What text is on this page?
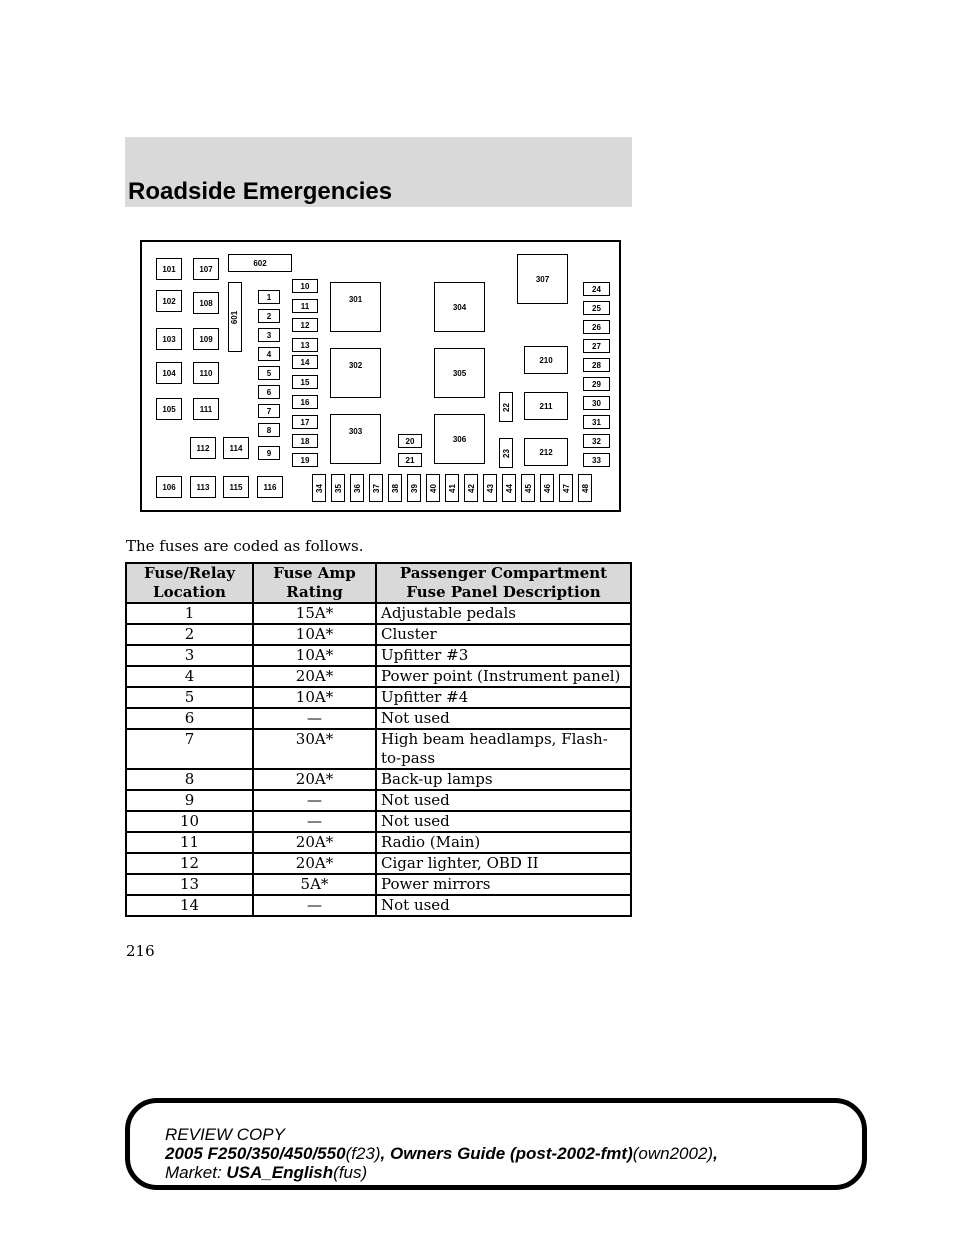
Roadside Emergencies
101
102
103
104
105
106
107
108
109
110
111
112
113
114
115	116
602
601
1
2
3
4
5
6
7
8
9
10
11
12
13
14
15
16
17
18
19
301
302
303
20
21
304
305
306
22
23
307
210
211
212
24
25
26
27
28
29
30
31
32
33
34 35 36 37 38 39 40 41 42 43 44 45 46 47 48
The fuses are coded as follows.
Fuse/Relay Location	Fuse Amp Rating	Passenger Compartment Fuse Panel Description
1	15A*	Adjustable pedals
2	10A*	Cluster
3	10A*	Upfitter #3
4	20A*	Power point (Instrument panel)
5	10A*	Upfitter #4
6	—	Not used
7	30A*	High beam headlamps, Flash-to-pass
8	20A*	Back-up lamps
9	—	Not used
10	—	Not used
11	20A*	Radio (Main)
12	20A*	Cigar lighter, OBD II
13	5A*	Power mirrors
14	—	Not used
216
REVIEW COPY
2005 F250/350/450/550(f23), Owners Guide (post-2002-fmt)(own2002),
Market: USA_English(fus)
